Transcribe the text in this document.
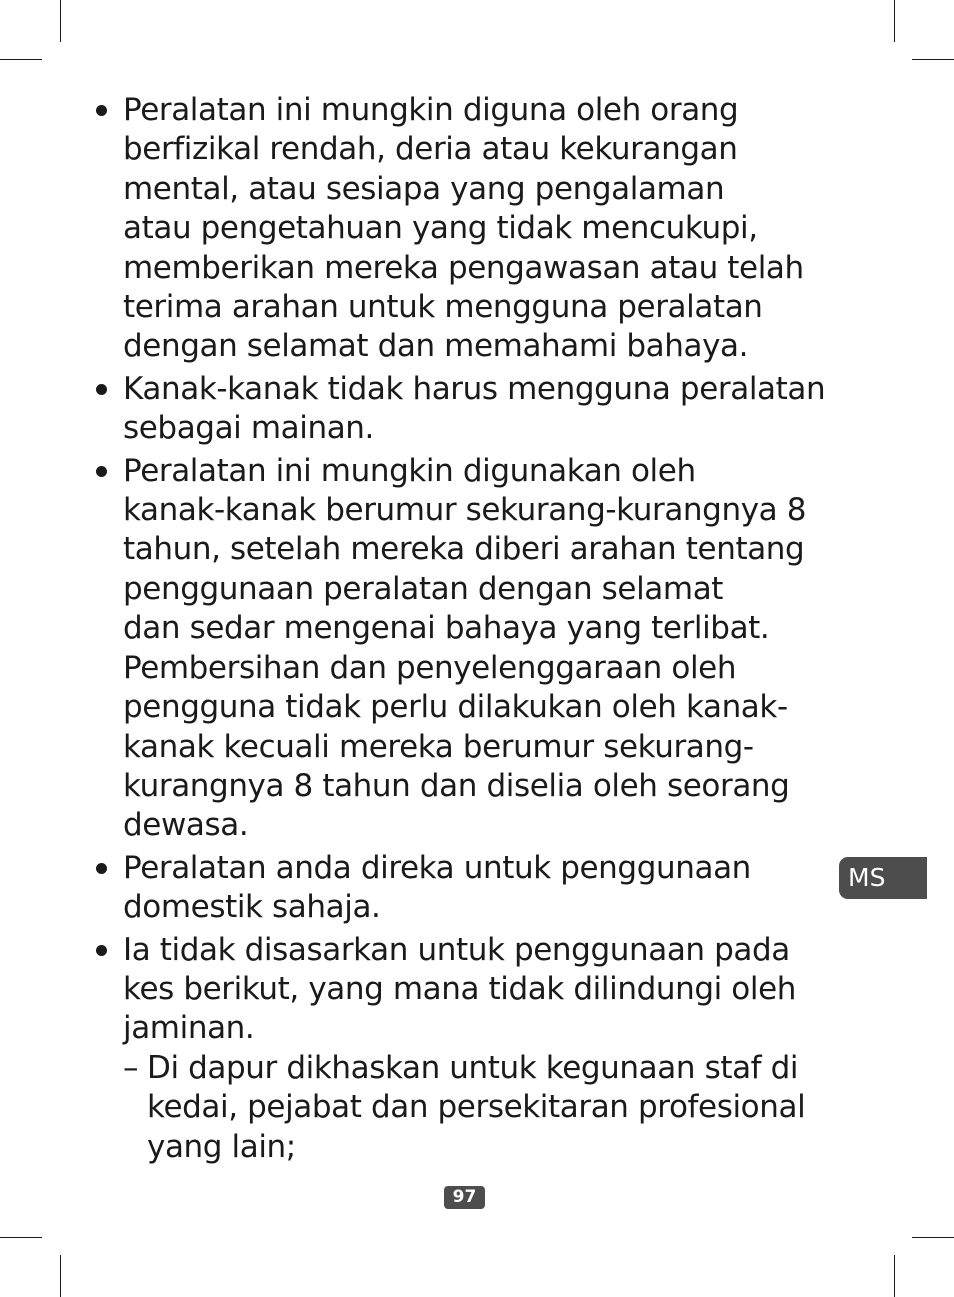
Peralatan ini mungkin diguna oleh orang
berfizikal rendah, deria atau kekurangan
mental, atau sesiapa yang pengalaman
atau pengetahuan yang tidak mencukupi,
memberikan mereka pengawasan atau telah
terima arahan untuk mengguna peralatan
dengan selamat dan memahami bahaya.
Kanak-kanak tidak harus mengguna peralatan
sebagai mainan.
Peralatan ini mungkin digunakan oleh
kanak-kanak berumur sekurang-kurangnya 8
tahun, setelah mereka diberi arahan tentang
penggunaan peralatan dengan selamat
dan sedar mengenai bahaya yang terlibat.
Pembersihan dan penyelenggaraan oleh
pengguna tidak perlu dilakukan oleh kanak-
kanak kecuali mereka berumur sekurang-
kurangnya 8 tahun dan diselia oleh seorang
dewasa.
Peralatan anda direka untuk penggunaan
domestik sahaja.
Ia tidak disasarkan untuk penggunaan pada
kes berikut, yang mana tidak dilindungi oleh
jaminan.
– Di dapur dikhaskan untuk kegunaan staf di
kedai, pejabat dan persekitaran profesional
yang lain;
MS
97
